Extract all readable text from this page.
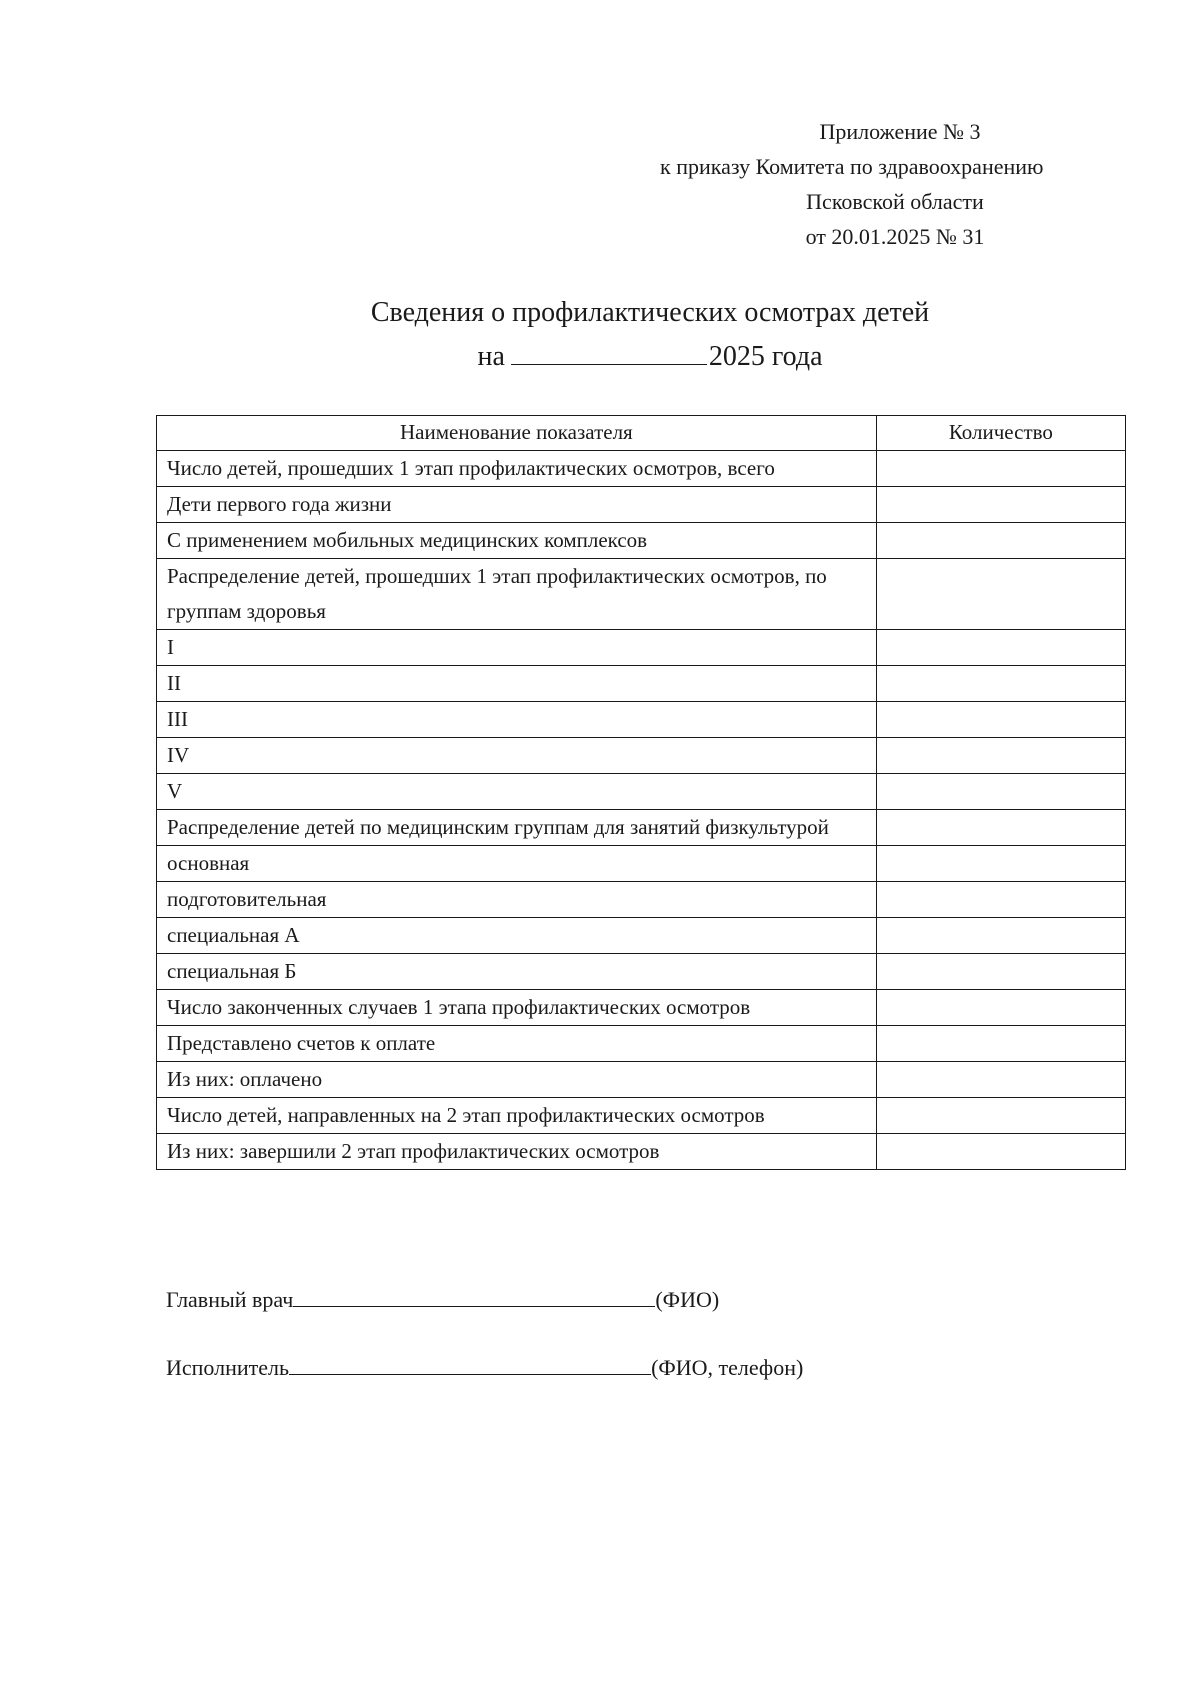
Приложение № 3
к приказу Комитета по здравоохранению
Псковской области
от 20.01.2025 № 31
Сведения о профилактических осмотрах детей
на	2025 года
Наименование показателя	Количество
Число детей, прошедших 1 этап профилактических осмотров, всего	
Дети первого года жизни	
С применением мобильных медицинских комплексов	
Распределение детей, прошедших 1 этап профилактических осмотров, по группам здоровья	
I	
II	
III	
IV	
V	
Распределение детей по медицинским группам для занятий физкультурой	
основная	
подготовительная	
специальная А	
специальная Б	
Число законченных случаев 1 этапа профилактических осмотров	
Представлено счетов к оплате	
Из них: оплачено	
Число детей, направленных на 2 этап профилактических осмотров	
Из них: завершили 2 этап профилактических осмотров	
Главный врач	(ФИО)
Исполнитель	(ФИО, телефон)
